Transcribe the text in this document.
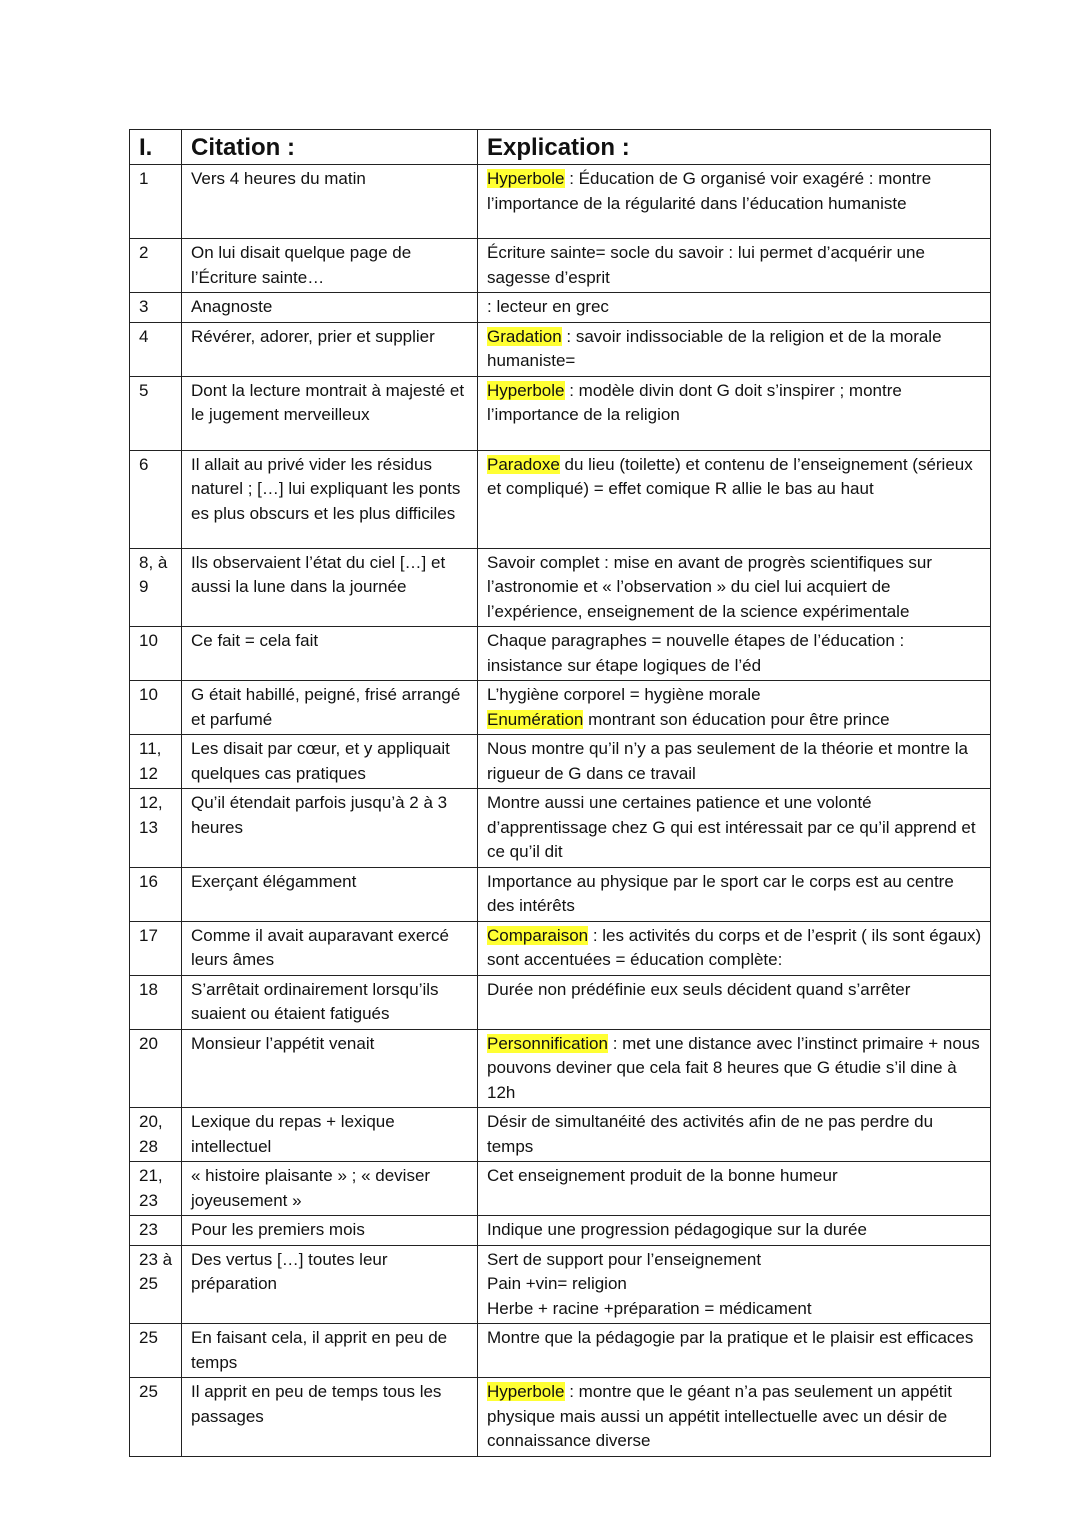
I.	Citation :	Explication :
1	Vers 4 heures du matin	Hyperbole : Éducation de G organisé voir exagéré : montre l’importance de la régularité dans l’éducation humaniste
2	On lui disait quelque page de l’Écriture sainte…	Écriture sainte= socle du savoir : lui permet d’acquérir une sagesse d’esprit
3	Anagnoste	: lecteur en grec
4	Révérer, adorer, prier et supplier	Gradation : savoir indissociable de la religion et de la morale humaniste=
5	Dont la lecture montrait à majesté et le jugement merveilleux	Hyperbole : modèle divin dont G doit s’inspirer ; montre l’importance de la religion
6	Il allait au privé vider les résidus naturel ; […] lui expliquant les ponts es plus obscurs et les plus difficiles	Paradoxe du lieu (toilette) et contenu de l’enseignement (sérieux et compliqué) = effet comique R allie le bas au haut
8, à 9	Ils observaient l’état du ciel […] et aussi la lune dans la journée	Savoir complet : mise en avant de progrès scientifiques sur l’astronomie et « l’observation » du ciel lui acquiert de l’expérience, enseignement de la science expérimentale
10	Ce fait = cela fait	Chaque paragraphes = nouvelle étapes de l’éducation : insistance sur étape logiques de l’éd
10	G était habillé, peigné, frisé arrangé et parfumé	L’hygiène corporel = hygiène morale
Enumération montrant son éducation pour être prince

11, 12	Les disait par cœur, et y appliquait quelques cas pratiques	Nous montre qu’il n’y a pas seulement de la théorie et montre la rigueur de G dans ce travail
12, 13	Qu’il étendait parfois jusqu’à 2 à 3 heures	Montre aussi une certaines patience et une volonté d’apprentissage chez G qui est intéressait par ce qu’il apprend et ce qu’il dit
16	Exerçant élégamment	Importance au physique par le sport car le corps est au centre des intérêts
17	Comme il avait auparavant exercé leurs âmes	Comparaison : les activités du corps et de l’esprit ( ils sont égaux) sont accentuées = éducation complète:
18	S’arrêtait ordinairement lorsqu’ils suaient ou étaient fatigués	Durée non prédéfinie eux seuls décident quand s’arrêter
20	Monsieur l’appétit venait	Personnification : met une distance avec l’instinct primaire + nous pouvons deviner que cela fait 8 heures que G étudie s’il dine à 12h
20, 28	Lexique du repas + lexique intellectuel	Désir de simultanéité des activités afin de ne pas perdre du temps
21, 23	« histoire plaisante » ; « deviser joyeusement »	Cet enseignement produit de la bonne humeur
23	Pour les premiers mois	Indique une progression pédagogique sur la durée
23 à 25	Des vertus […] toutes leur préparation	Sert de support pour l’enseignement
Pain +vin= religion
Herbe + racine +préparation = médicament

25	En faisant cela, il apprit en peu de temps	Montre que la pédagogie par la pratique et le plaisir est efficaces
25	Il apprit en peu de temps tous les passages	Hyperbole : montre que le géant n’a pas seulement un appétit physique mais aussi un appétit intellectuelle avec un désir de connaissance diverse
